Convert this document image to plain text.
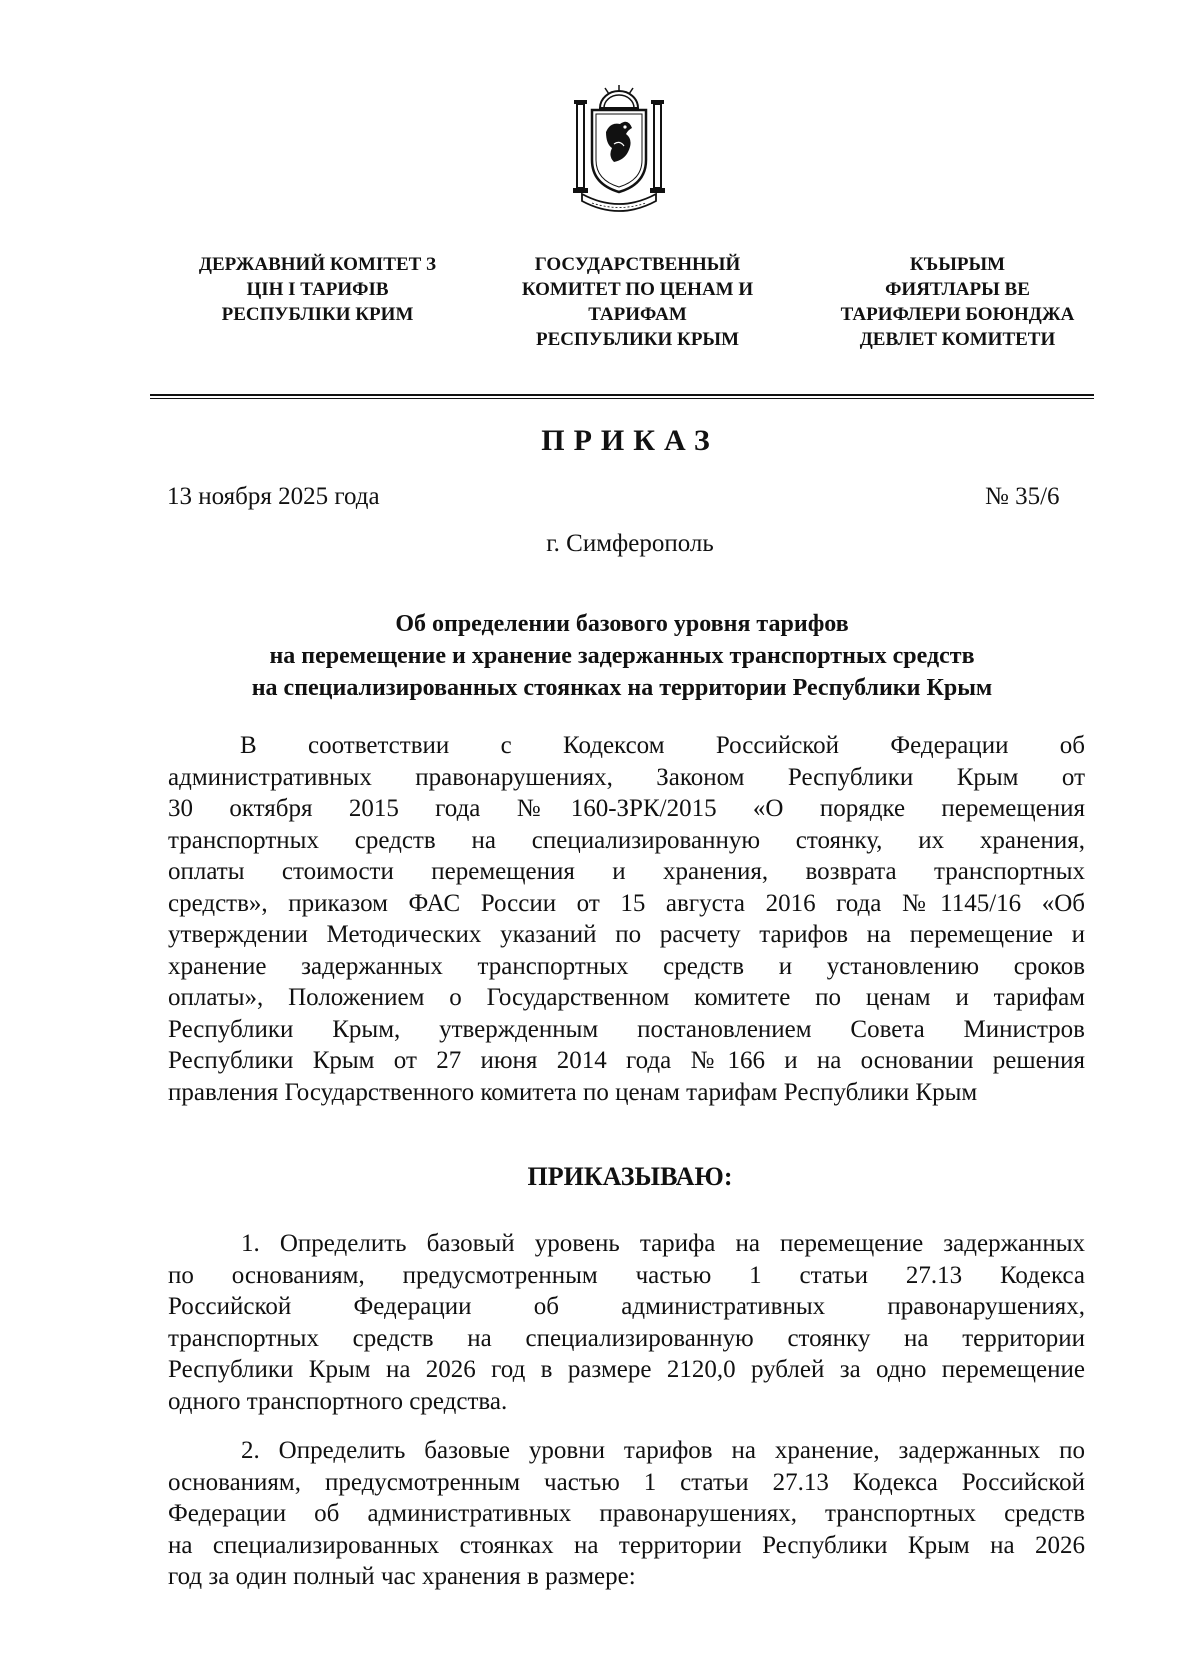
ДЕРЖАВНИЙ КОМІТЕТ З
ЦІН І ТАРИФІВ
РЕСПУБЛІКИ КРИМ
ГОСУДАРСТВЕННЫЙ
КОМИТЕТ ПО ЦЕНАМ И
ТАРИФАМ
РЕСПУБЛИКИ КРЫМ
КЪЫРЫМ
ФИЯТЛАРЫ ВЕ
ТАРИФЛЕРИ БОЮНДЖА
ДЕВЛЕТ КОМИТЕТИ
ПРИКАЗ
13 ноября 2025 года	№ 35/6
г. Симферополь
Об определении базового уровня тарифов
на перемещение и хранение задержанных транспортных средств
на специализированных стоянках на территории Республики Крым
В соответствии с Кодексом Российской Федерации об
административных правонарушениях, Законом Республики Крым от
30 октября 2015 года №160-ЗРК/2015 «О порядке перемещения
транспортных средств на специализированную стоянку, их хранения,
оплаты стоимости перемещения и хранения, возврата транспортных
средств», приказом ФАС России от 15 августа 2016 года №1145/16 «Об
утверждении Методических указаний по расчету тарифов на перемещение и
хранение задержанных транспортных средств и установлению сроков
оплаты», Положением о Государственном комитете по ценам и тарифам
Республики Крым, утвержденным постановлением Совета Министров
Республики Крым от 27 июня 2014 года №166 и на основании решения
правления Государственного комитета по ценам тарифам Республики Крым
ПРИКАЗЫВАЮ:
1. Определить базовый уровень тарифа на перемещение задержанных
по основаниям, предусмотренным частью 1 статьи 27.13 Кодекса
Российской Федерации об административных правонарушениях,
транспортных средств на специализированную стоянку на территории
Республики Крым на 2026 год в размере 2120,0 рублей за одно перемещение
одного транспортного средства.
2. Определить базовые уровни тарифов на хранение, задержанных по
основаниям, предусмотренным частью 1 статьи 27.13 Кодекса Российской
Федерации об административных правонарушениях, транспортных средств
на специализированных стоянках на территории Республики Крым на 2026
год за один полный час хранения в размере:
